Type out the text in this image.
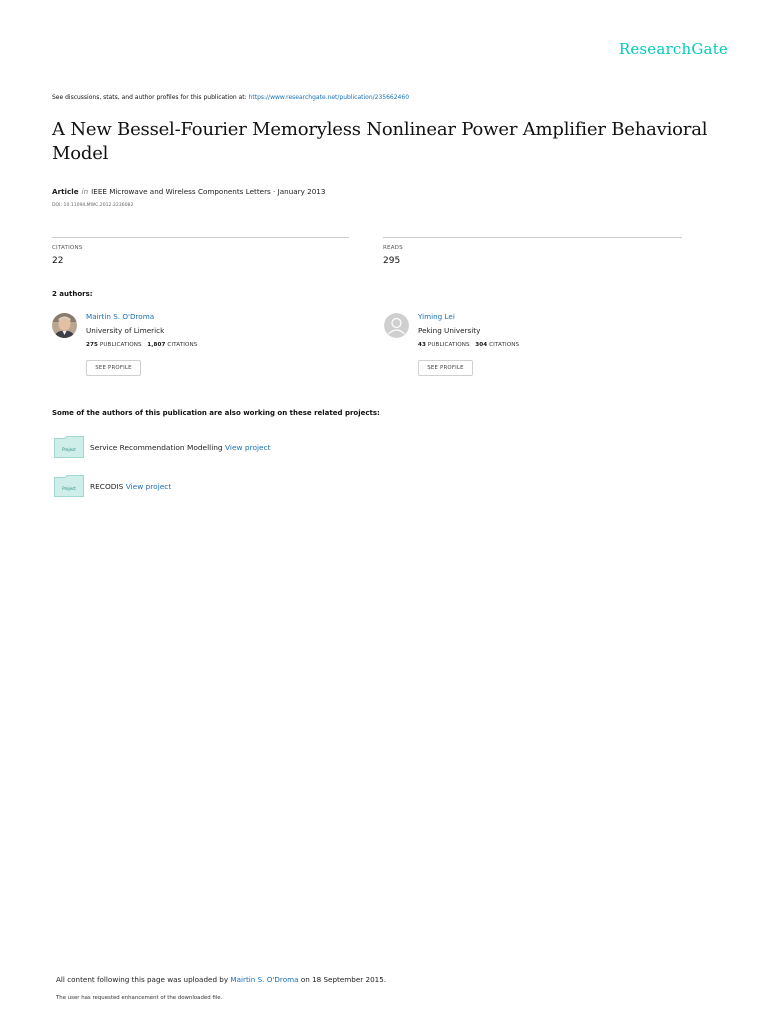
ResearchGate
See discussions, stats, and author profiles for this publication at: https://www.researchgate.net/publication/235662460
A New Bessel-Fourier Memoryless Nonlinear Power Amplifier Behavioral Model
Article in IEEE Microwave and Wireless Components Letters · January 2013
DOI: 10.1109/LMWC.2012.2236082
CITATIONS
22
READS
295
2 authors:
Mairtin S. O'Droma
University of Limerick
275 PUBLICATIONS 1,807 CITATIONS
SEE PROFILE
Yiming Lei
Peking University
43 PUBLICATIONS 304 CITATIONS
SEE PROFILE
Some of the authors of this publication are also working on these related projects:
Project Service Recommendation Modelling View project
Project RECODIS View project
All content following this page was uploaded by Mairtin S. O'Droma on 18 September 2015.
The user has requested enhancement of the downloaded file.
